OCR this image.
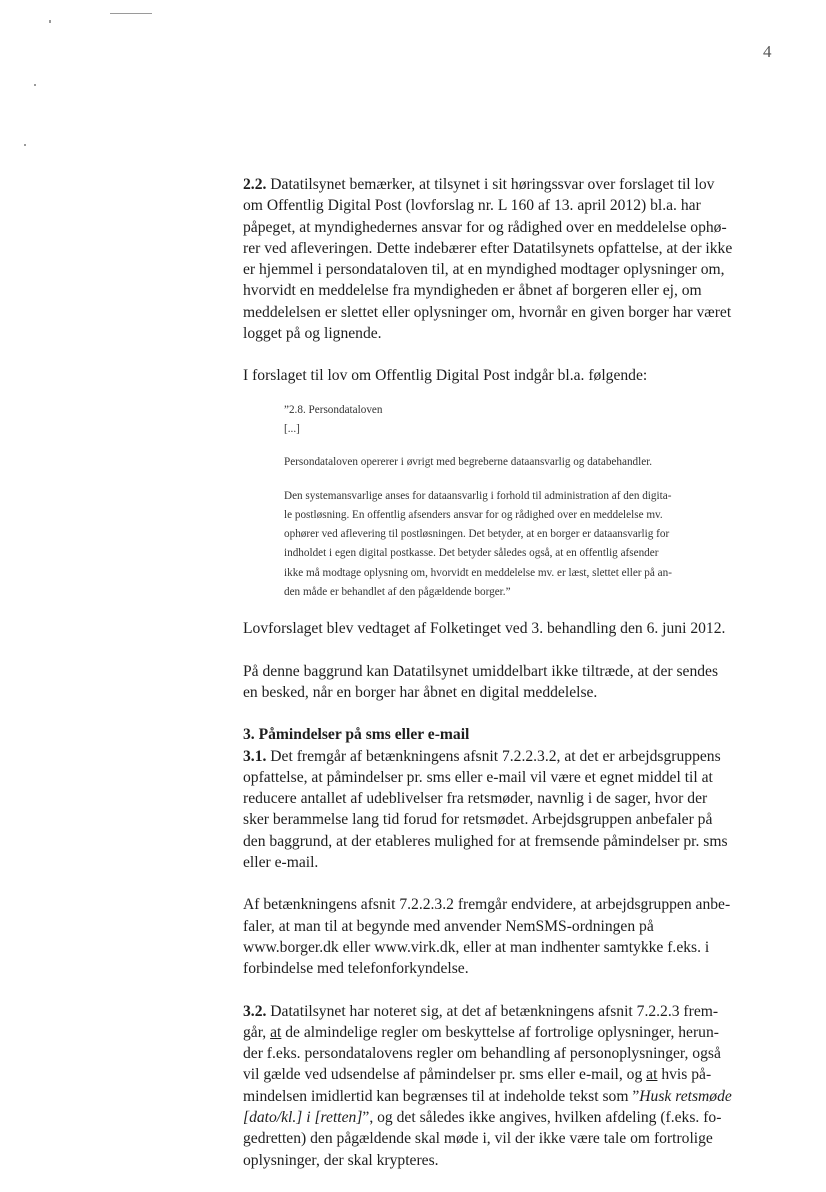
4
2.2. Datatilsynet bemærker, at tilsynet i sit høringssvar over forslaget til lov
om Offentlig Digital Post (lovforslag nr. L 160 af 13. april 2012) bl.a. har
påpeget, at myndighedernes ansvar for og rådighed over en meddelelse ophø-
rer ved afleveringen. Dette indebærer efter Datatilsynets opfattelse, at der ikke
er hjemmel i persondataloven til, at en myndighed modtager oplysninger om,
hvorvidt en meddelelse fra myndigheden er åbnet af borgeren eller ej, om
meddelelsen er slettet eller oplysninger om, hvornår en given borger har været
logget på og lignende.
I forslaget til lov om Offentlig Digital Post indgår bl.a. følgende:
”2.8. Persondataloven
[...]
Persondataloven opererer i øvrigt med begreberne dataansvarlig og databehandler.
Den systemansvarlige anses for dataansvarlig i forhold til administration af den digita-
le postløsning. En offentlig afsenders ansvar for og rådighed over en meddelelse mv.
ophører ved aflevering til postløsningen. Det betyder, at en borger er dataansvarlig for
indholdet i egen digital postkasse. Det betyder således også, at en offentlig afsender
ikke må modtage oplysning om, hvorvidt en meddelelse mv. er læst, slettet eller på an-
den måde er behandlet af den pågældende borger.”
Lovforslaget blev vedtaget af Folketinget ved 3. behandling den 6. juni 2012.
På denne baggrund kan Datatilsynet umiddelbart ikke tiltræde, at der sendes
en besked, når en borger har åbnet en digital meddelelse.
3. Påmindelser på sms eller e-mail
3.1. Det fremgår af betænkningens afsnit 7.2.2.3.2, at det er arbejdsgruppens
opfattelse, at påmindelser pr. sms eller e-mail vil være et egnet middel til at
reducere antallet af udeblivelser fra retsmøder, navnlig i de sager, hvor der
sker berammelse lang tid forud for retsmødet. Arbejdsgruppen anbefaler på
den baggrund, at der etableres mulighed for at fremsende påmindelser pr. sms
eller e-mail.
Af betænkningens afsnit 7.2.2.3.2 fremgår endvidere, at arbejdsgruppen anbe-
faler, at man til at begynde med anvender NemSMS-ordningen på
www.borger.dk eller www.virk.dk, eller at man indhenter samtykke f.eks. i
forbindelse med telefonforkyndelse.
3.2. Datatilsynet har noteret sig, at det af betænkningens afsnit 7.2.2.3 frem-
går, at de almindelige regler om beskyttelse af fortrolige oplysninger, herun-
der f.eks. persondatalovens regler om behandling af personoplysninger, også
vil gælde ved udsendelse af påmindelser pr. sms eller e-mail, og at hvis på-
mindelsen imidlertid kan begrænses til at indeholde tekst som ”Husk retsmøde
[dato/kl.] i [retten]”, og det således ikke angives, hvilken afdeling (f.eks. fo-
gedretten) den pågældende skal møde i, vil der ikke være tale om fortrolige
oplysninger, der skal krypteres.
